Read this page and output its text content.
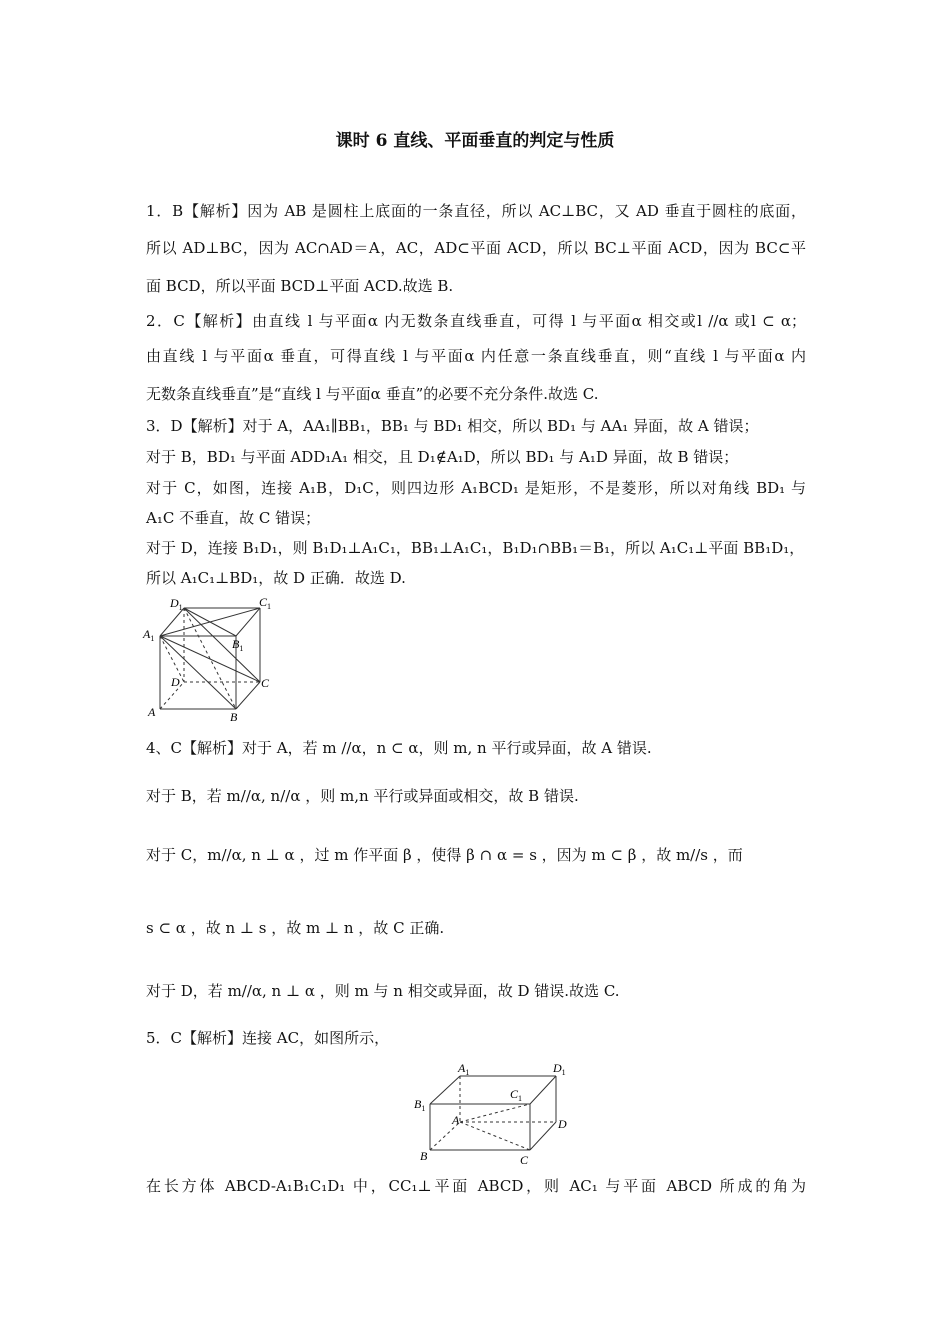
课时 6 直线、平面垂直的判定与性质
1．B【解析】因为 AB 是圆柱上底面的一条直径，所以 AC⊥BC，又 AD 垂直于圆柱的底面，
所以 AD⊥BC，因为 AC∩AD＝A，AC，AD⊂平面 ACD，所以 BC⊥平面 ACD，因为 BC⊂平
面 BCD，所以平面 BCD⊥平面 ACD.故选 B.
2．C【解析】由直线 l 与平面α 内无数条直线垂直，可得 l 与平面α 相交或l //α 或l ⊂ α；
由直线 l 与平面α 垂直，可得直线 l 与平面α 内任意一条直线垂直，则“直线 l 与平面α 内
无数条直线垂直”是“直线 l 与平面α 垂直”的必要不充分条件.故选 C.
3．D【解析】对于 A，AA₁∥BB₁，BB₁ 与 BD₁ 相交，所以 BD₁ 与 AA₁ 异面，故 A 错误；
对于 B，BD₁ 与平面 ADD₁A₁ 相交，且 D₁∉A₁D，所以 BD₁ 与 A₁D 异面，故 B 错误；
对于 C，如图，连接 A₁B，D₁C，则四边形 A₁BCD₁ 是矩形，不是菱形，所以对角线 BD₁ 与
A₁C 不垂直，故 C 错误；
对于 D，连接 B₁D₁，则 B₁D₁⊥A₁C₁，BB₁⊥A₁C₁，B₁D₁∩BB₁＝B₁，所以 A₁C₁⊥平面 BB₁D₁，
所以 A₁C₁⊥BD₁，故 D 正确．故选 D.
$D_1$	$C_1$
$A_1$	$B_1$
D	C
A	B
4、C【解析】对于 A，若 m //α，n ⊂ α，则 m, n 平行或异面，故 A 错误.
对于 B，若 m//α, n//α ，则 m,n 平行或异面或相交，故 B 错误.
对于 C，m//α, n ⊥ α ，过 m 作平面 β ，使得 β ∩ α = s ，因为 m ⊂ β ，故 m//s ，而
s ⊂ α ，故 n ⊥ s ，故 m ⊥ n ，故 C 正确.
对于 D，若 m//α, n ⊥ α ，则 m 与 n 相交或异面，故 D 错误.故选 C.
5．C【解析】连接 AC，如图所示，
$A_1$	$D_1$
$B_1$
$C_1$
A	D
B	C
在长方体 ABCD-A₁B₁C₁D₁ 中，CC₁⊥平面 ABCD，则 AC₁ 与平面 ABCD 所成的角为
